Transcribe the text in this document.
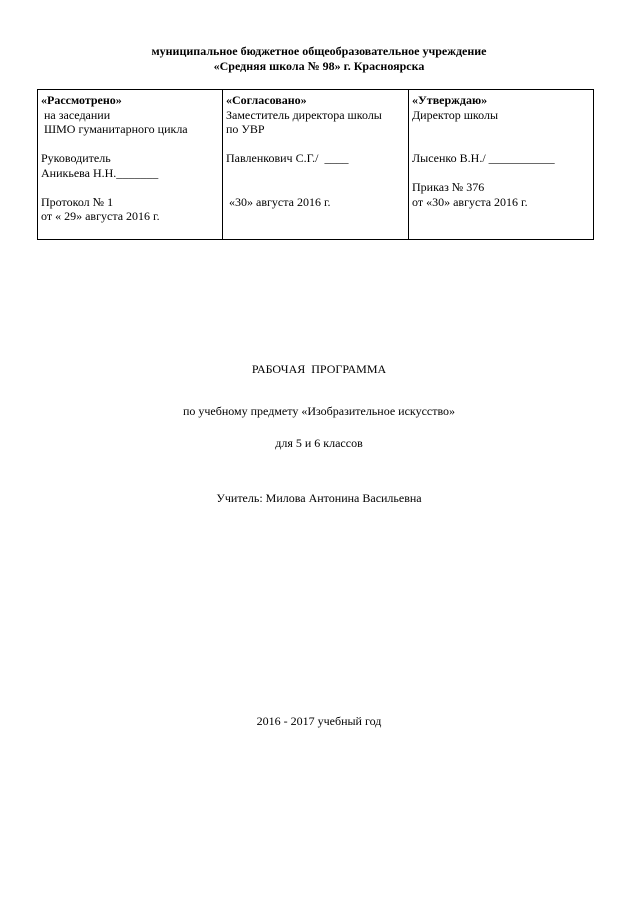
муниципальное бюджетное общеобразовательное учреждение
«Средняя школа № 98» г. Красноярска
«Рассмотрено»
на заседании
ШМО гуманитарного цикла
Руководитель
Аникьева Н.Н._______
Протокол № 1
от « 29» августа 2016 г.

«Согласовано»
Заместитель директора школы
по УВР
Павленкович С.Г./  ____
«30» августа 2016 г.

«Утверждаю»
Директор школы
Лысенко В.Н./ ___________
Приказ № 376
от «30» августа 2016 г.
РАБОЧАЯ  ПРОГРАММА
по учебному предмету «Изобразительное искусство»
для 5 и 6 классов
Учитель: Милова Антонина Васильевна
2016 - 2017 учебный год
